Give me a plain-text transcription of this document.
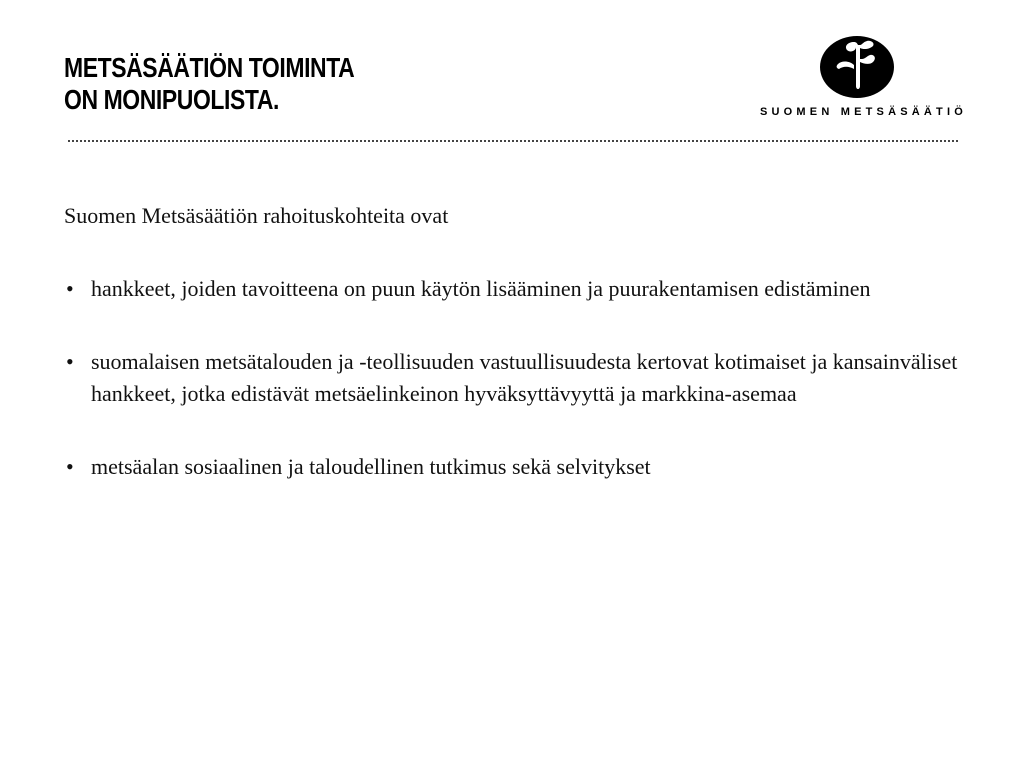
METSÄSÄÄTIÖN TOIMINTA
ON MONIPUOLISTA.	SUOMEN METSÄSÄÄTIÖ

Suomen Metsäsäätiön rahoituskohteita ovat

• hankkeet, joiden tavoitteena on puun käytön lisääminen ja puurakentamisen edistäminen
• suomalaisen metsätalouden ja -teollisuuden vastuullisuudesta kertovat kotimaiset ja kansainväliset hankkeet, jotka edistävät metsäelinkeinon hyväksyttävyyttä ja markkina-asemaa
• metsäalan sosiaalinen ja taloudellinen tutkimus sekä selvitykset
